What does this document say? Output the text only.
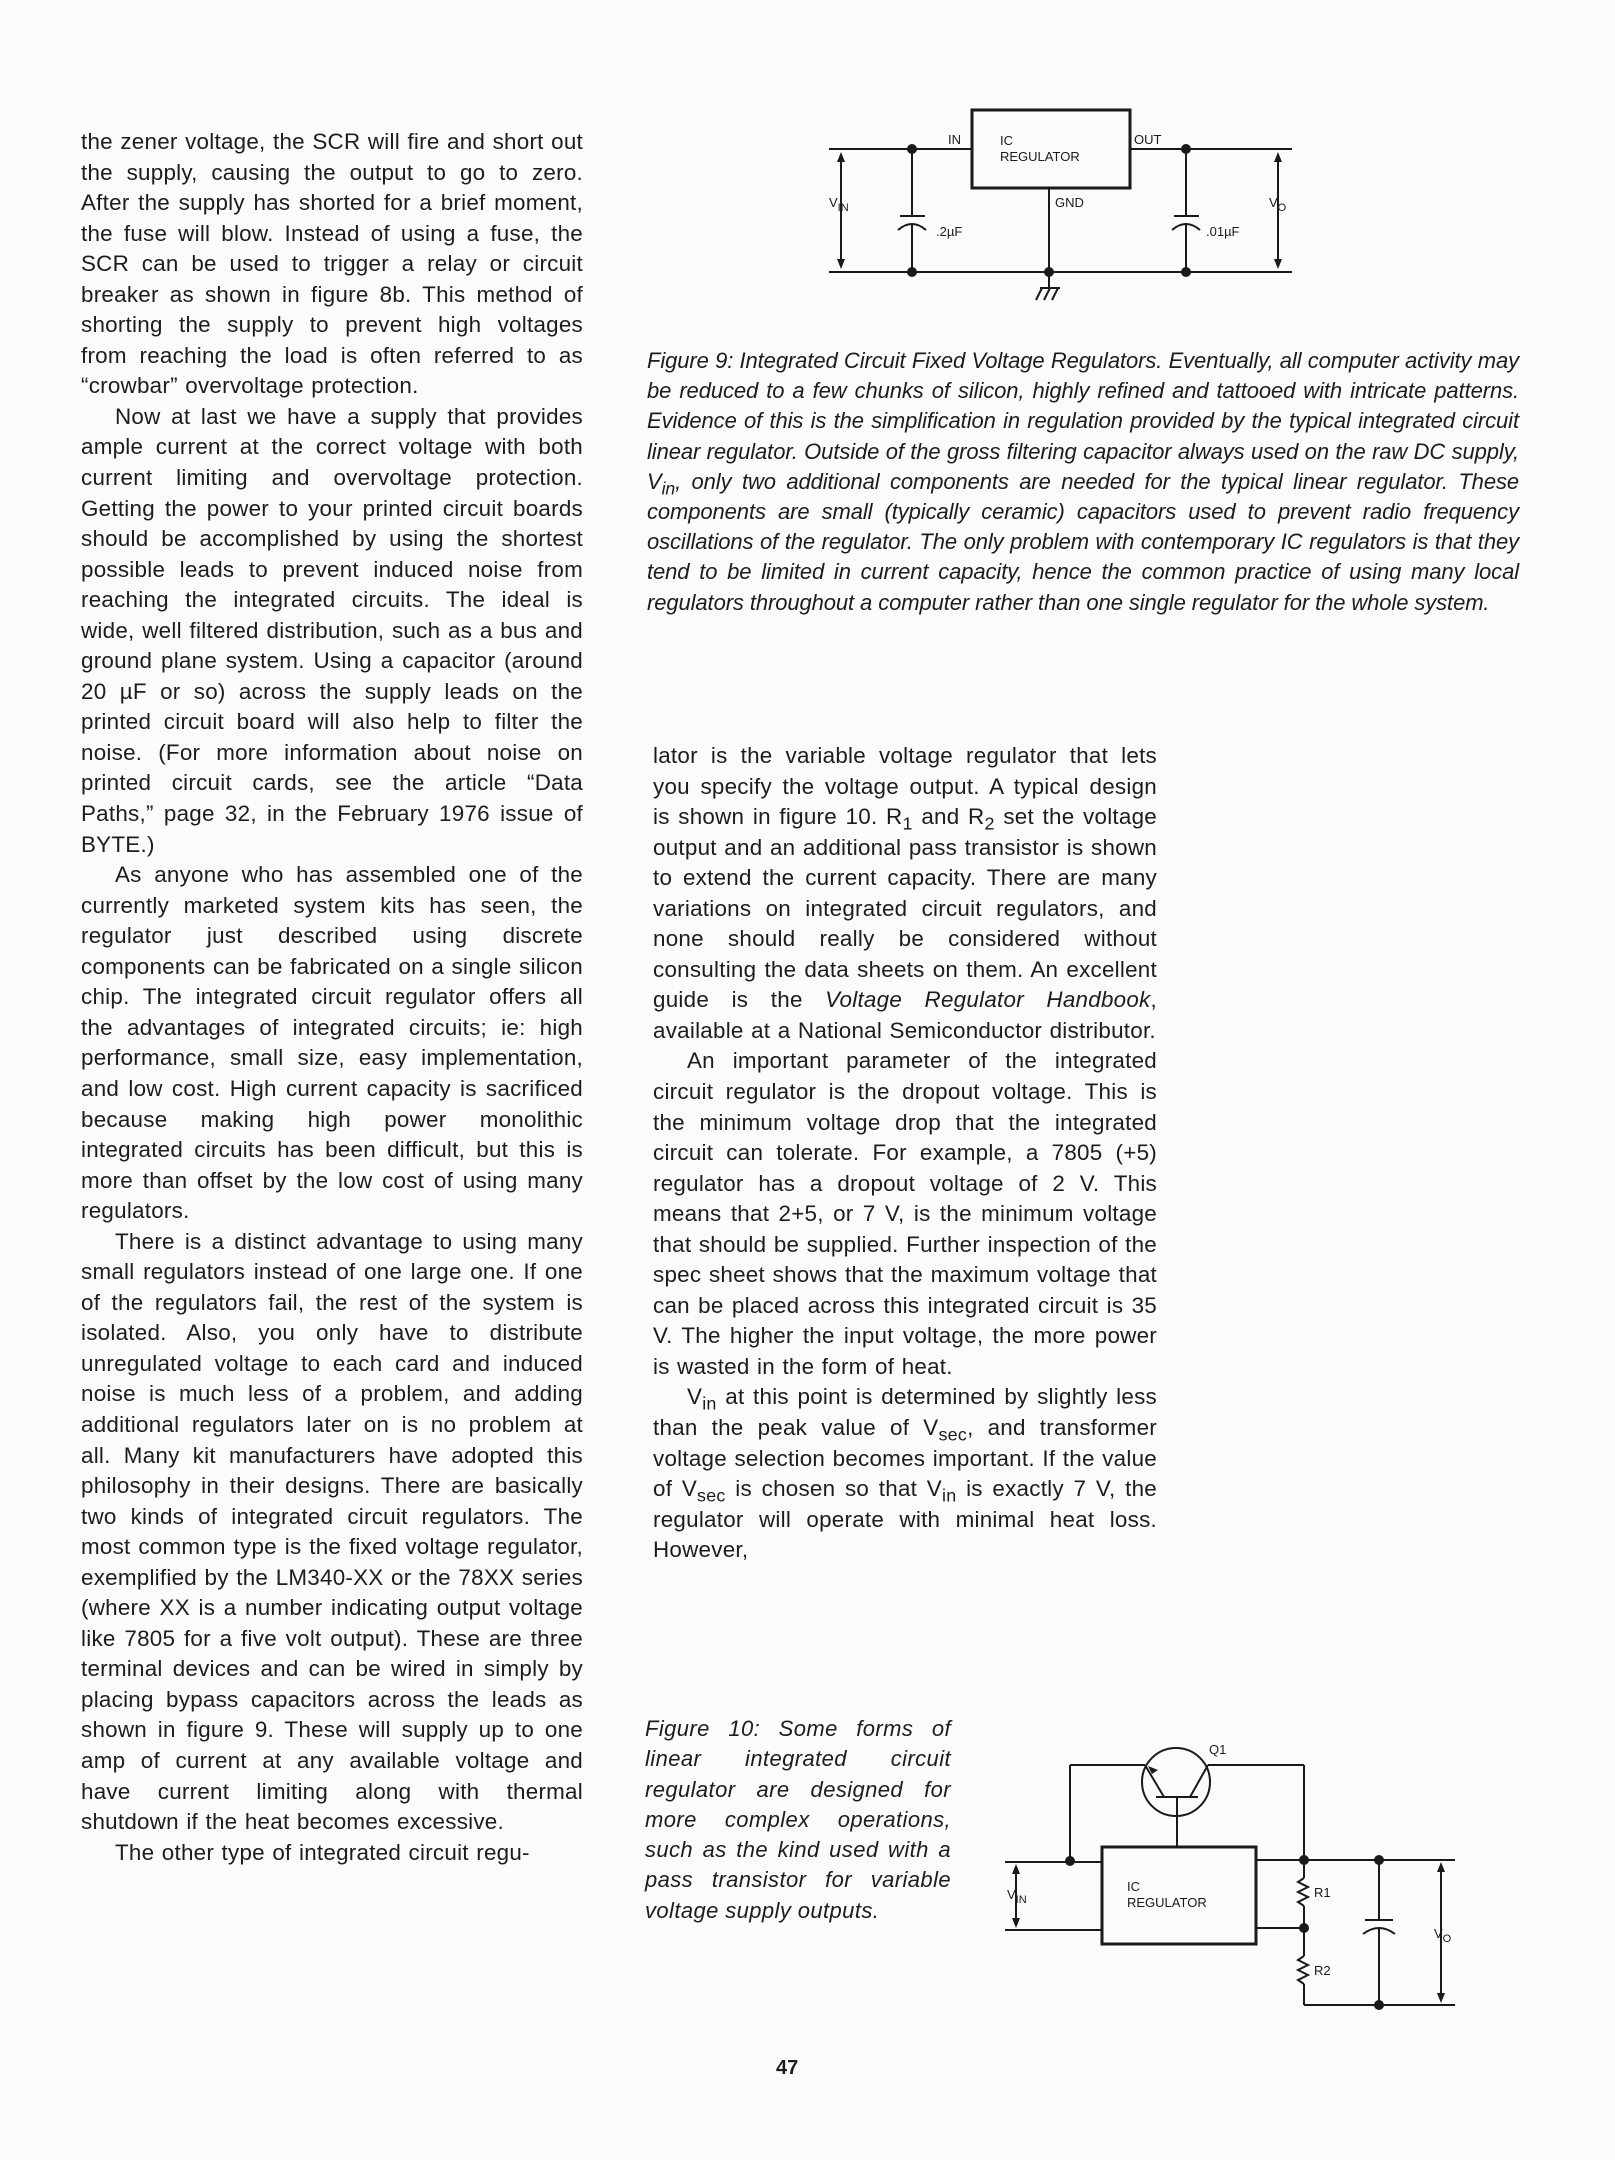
the zener voltage, the SCR will fire and short out the supply, causing the output to go to zero. After the supply has shorted for a brief moment, the fuse will blow. Instead of using a fuse, the SCR can be used to trigger a relay or circuit breaker as shown in figure 8b. This method of shorting the supply to prevent high voltages from reaching the load is often referred to as “crowbar” overvoltage protection.

Now at last we have a supply that provides ample current at the correct voltage with both current limiting and overvoltage protection. Getting the power to your printed circuit boards should be accomplished by using the shortest possible leads to prevent induced noise from reaching the integrated circuits. The ideal is wide, well filtered distribution, such as a bus and ground plane system. Using a capacitor (around 20 µF or so) across the supply leads on the printed circuit board will also help to filter the noise. (For more information about noise on printed circuit cards, see the article “Data Paths,” page 32, in the February 1976 issue of BYTE.)

As anyone who has assembled one of the currently marketed system kits has seen, the regulator just described using discrete components can be fabricated on a single silicon chip. The integrated circuit regulator offers all the advantages of integrated circuits; ie: high performance, small size, easy implementation, and low cost. High current capacity is sacrificed because making high power monolithic integrated circuits has been difficult, but this is more than offset by the low cost of using many regulators.

There is a distinct advantage to using many small regulators instead of one large one. If one of the regulators fail, the rest of the system is isolated. Also, you only have to distribute unregulated voltage to each card and induced noise is much less of a problem, and adding additional regulators later on is no problem at all. Many kit manufacturers have adopted this philosophy in their designs. There are basically two kinds of integrated circuit regulators. The most common type is the fixed voltage regulator, exemplified by the LM340-XX or the 78XX series (where XX is a number indicating output voltage like 7805 for a five volt output). These are three terminal devices and can be wired in simply by placing bypass capacitors across the leads as shown in figure 9. These will supply up to one amp of current at any available voltage and have current limiting along with thermal shutdown if the heat becomes excessive.

The other type of integrated circuit regu-

IN	OUT
IC
REGULATOR
GND
$V_{IN}$	$V_O$
.2µF	.01µF
Figure 9: Integrated Circuit Fixed Voltage Regulators. Eventually, all computer activity may be reduced to a few chunks of silicon, highly refined and tattooed with intricate patterns. Evidence of this is the simplification in regulation provided by the typical integrated circuit linear regulator. Outside of the gross filtering capacitor always used on the raw DC supply, $V_{in}$, only two additional components are needed for the typical linear regulator. These components are small (typically ceramic) capacitors used to prevent radio frequency oscillations of the regulator. The only problem with contemporary IC regulators is that they tend to be limited in current capacity, hence the common practice of using many local regulators throughout a computer rather than one single regulator for the whole system.

lator is the variable voltage regulator that lets you specify the voltage output. A typical design is shown in figure 10. $R_1$ and $R_2$ set the voltage output and an additional pass transistor is shown to extend the current capacity. There are many variations on integrated circuit regulators, and none should really be considered without consulting the data sheets on them. An excellent guide is the Voltage Regulator Handbook, available at a National Semiconductor distributor.

An important parameter of the integrated circuit regulator is the dropout voltage. This is the minimum voltage drop that the integrated circuit can tolerate. For example, a 7805 (+5) regulator has a dropout voltage of 2 V. This means that 2+5, or 7 V, is the minimum voltage that should be supplied. Further inspection of the spec sheet shows that the maximum voltage that can be placed across this integrated circuit is 35 V. The higher the input voltage, the more power is wasted in the form of heat.

$V_{in}$ at this point is determined by slightly less than the peak value of $V_{sec}$, and transformer voltage selection becomes important. If the value of $V_{sec}$ is chosen so that $V_{in}$ is exactly 7 V, the regulator will operate with minimal heat loss. However,

Figure 10: Some forms of linear integrated circuit regulator are designed for more complex operations, such as the kind used with a pass transistor for variable voltage supply outputs.
Q1
IC
REGULATOR
R1
R2
$V_{IN}$
$V_O$
47
